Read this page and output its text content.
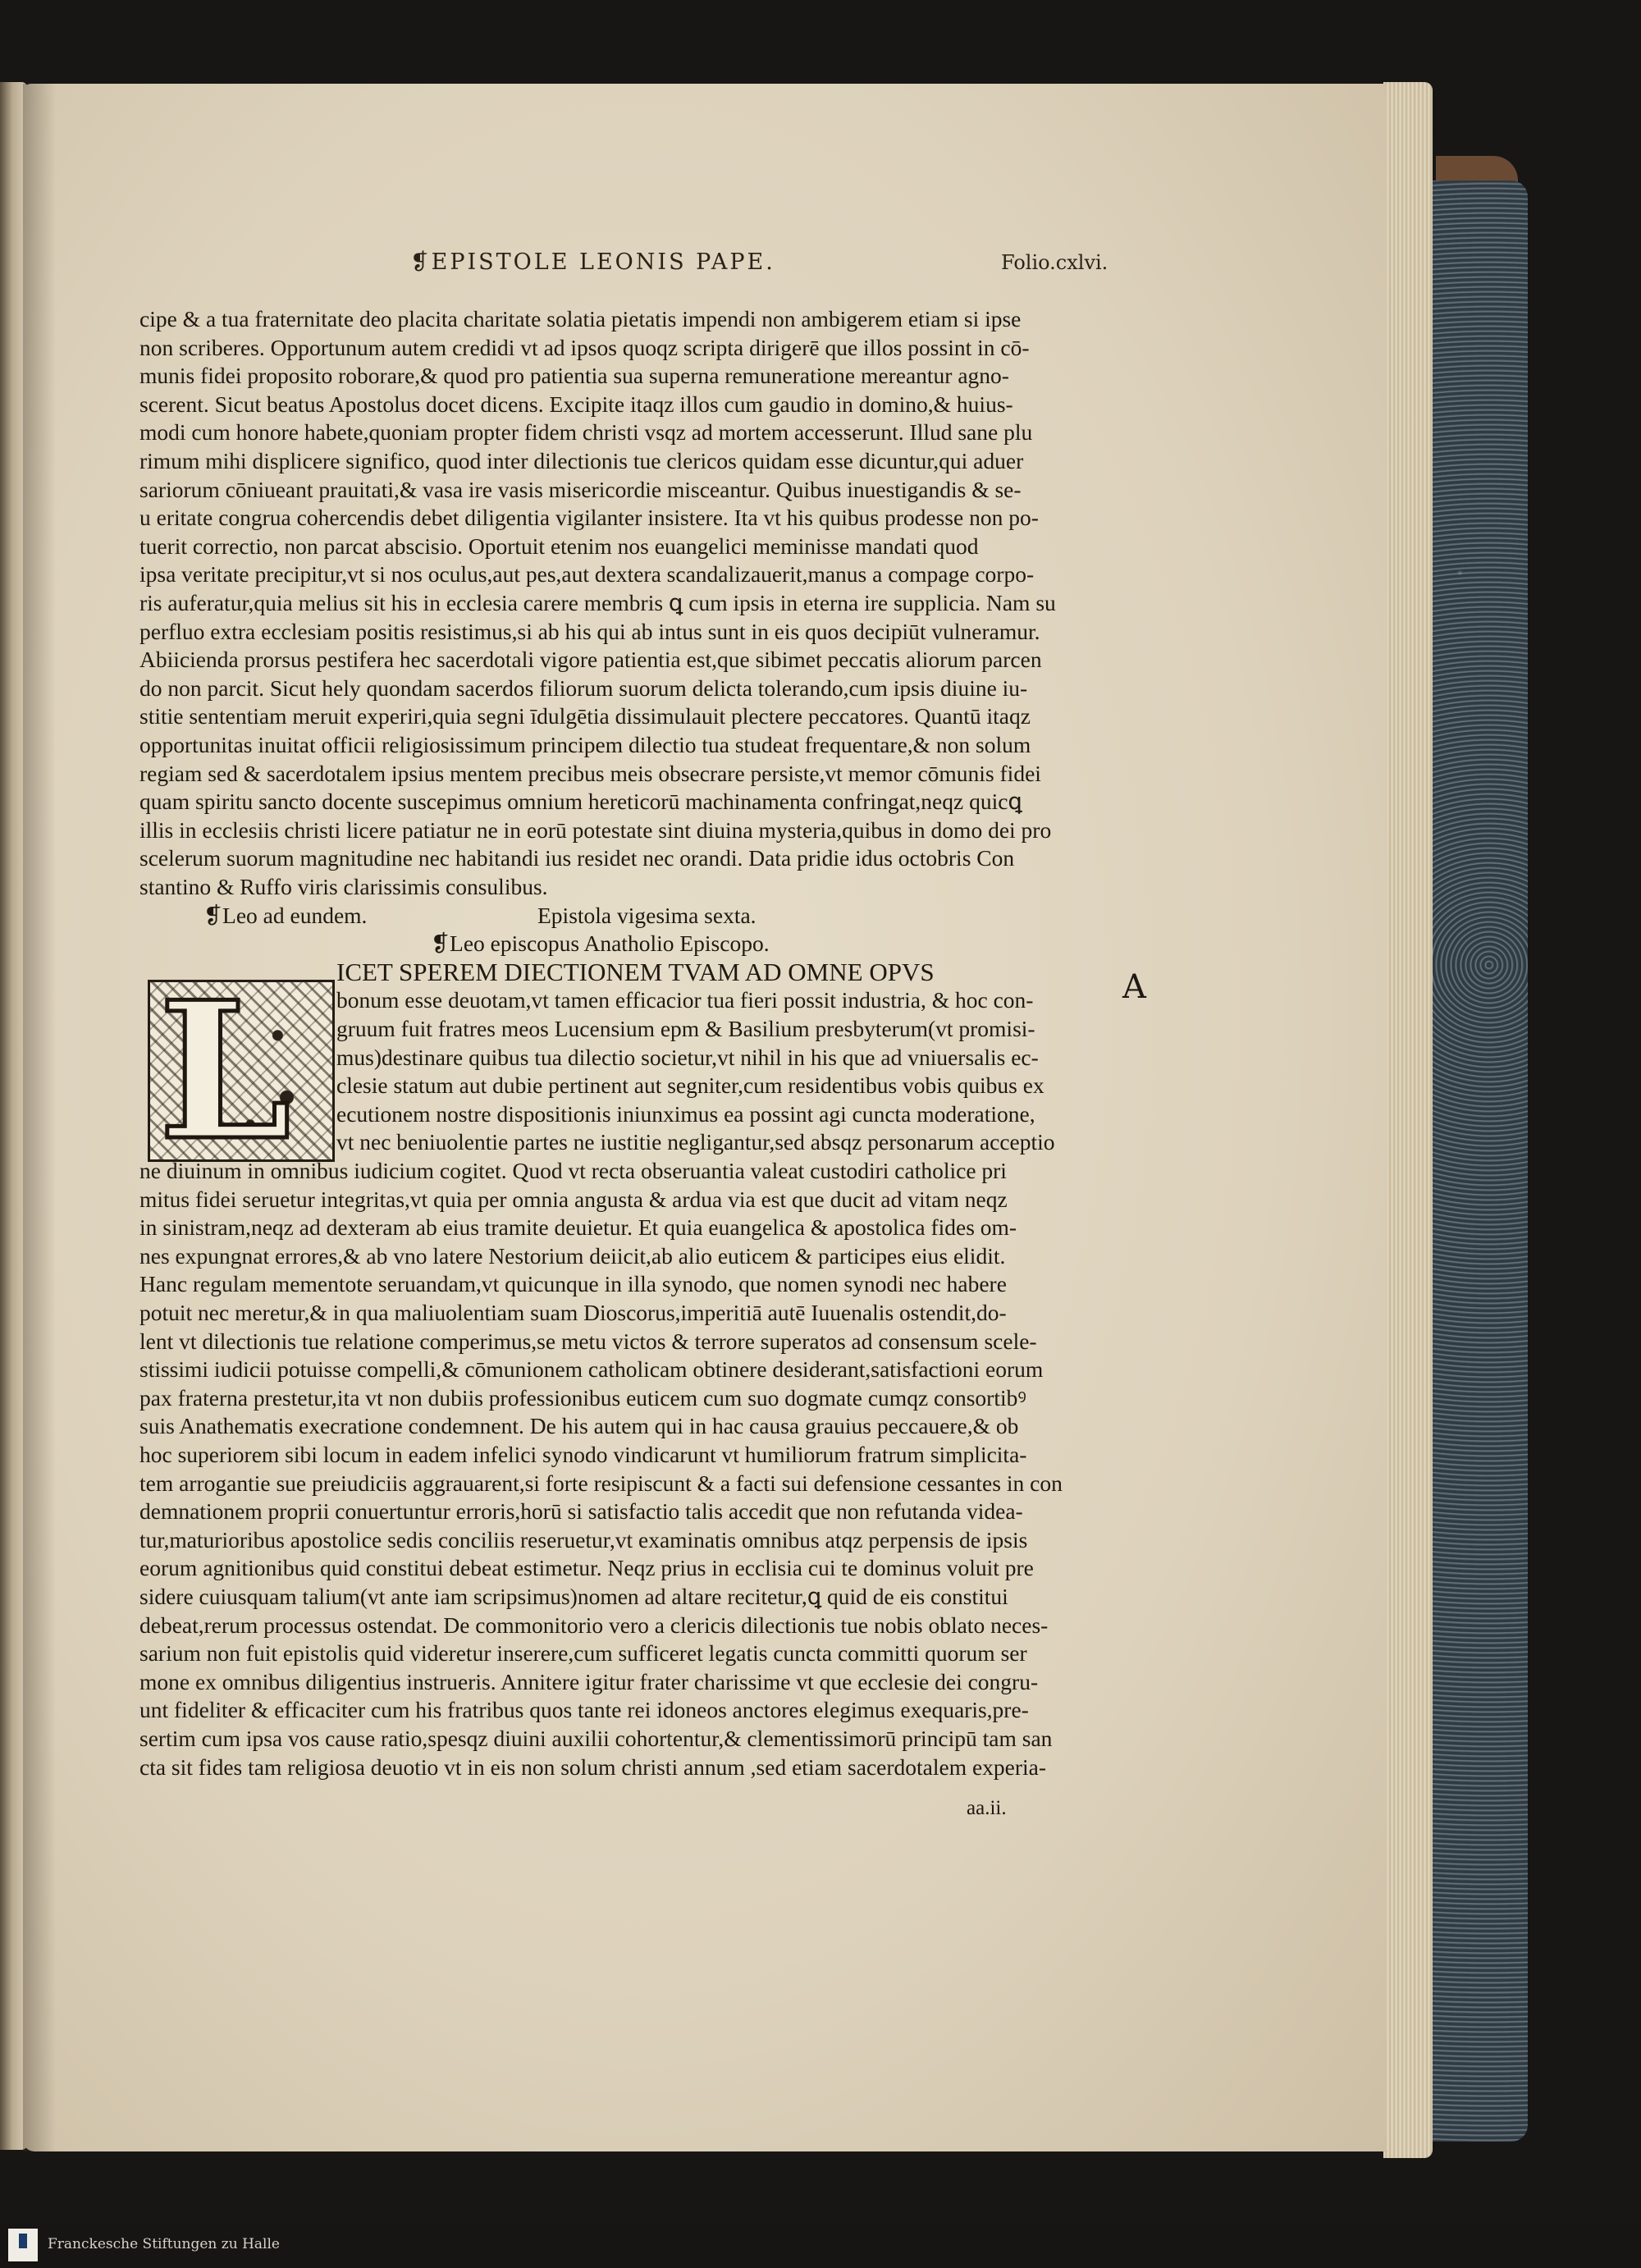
❡EPISTOLE LEONIS PAPE.	Folio.cxlvi.
A
L
cipe & a tua fraternitate deo placita charitate solatia pietatis impendi non ambigerem etiam si ipse
non scriberes. Opportunum autem credidi vt ad ipsos quoqz scripta dirigerē que illos possint in cō-
munis fidei proposito roborare,& quod pro patientia sua superna remuneratione mereantur agno-
scerent. Sicut beatus Apostolus docet dicens. Excipite itaqz illos cum gaudio in domino,& huius-
modi cum honore habete,quoniam propter fidem christi vsqz ad mortem accesserunt. Illud sane plu
rimum mihi displicere significo, quod inter dilectionis tue clericos quidam esse dicuntur,qui aduer
sariorum cōniueant prauitati,& vasa ire vasis misericordie misceantur. Quibus inuestigandis & se-
u eritate congrua cohercendis debet diligentia vigilanter insistere. Ita vt his quibus prodesse non po-
tuerit correctio, non parcat abscisio. Oportuit etenim nos euangelici meminisse mandati quod
ipsa veritate precipitur,vt si nos oculus,aut pes,aut dextera scandalizauerit,manus a compage corpo-
ris auferatur,quia melius sit his in ecclesia carere membris ꝗ cum ipsis in eterna ire supplicia. Nam su
perfluo extra ecclesiam positis resistimus,si ab his qui ab intus sunt in eis quos decipiūt vulneramur.
Abiicienda prorsus pestifera hec sacerdotali vigore patientia est,que sibimet peccatis aliorum parcen
do non parcit. Sicut hely quondam sacerdos filiorum suorum delicta tolerando,cum ipsis diuine iu-
stitie sententiam meruit experiri,quia segni īdulgētia dissimulauit plectere peccatores. Quantū itaqz
opportunitas inuitat officii religiosissimum principem dilectio tua studeat frequentare,& non solum
regiam sed & sacerdotalem ipsius mentem precibus meis obsecrare persiste,vt memor cōmunis fidei
quam spiritu sancto docente suscepimus omnium hereticorū machinamenta confringat,neqz quicꝗ
illis in ecclesiis christi licere patiatur ne in eorū potestate sint diuina mysteria,quibus in domo dei pro
scelerum suorum magnitudine nec habitandi ius residet nec orandi. Data pridie idus octobris Con
stantino & Ruffo viris clarissimis consulibus.
❡Leo ad eundem.	Epistola vigesima sexta.
❡Leo episcopus Anatholio Episcopo.
ICET SPEREM DIECTIONEM TVAM AD OMNE OPVS
bonum esse deuotam,vt tamen efficacior tua fieri possit industria, & hoc con-
gruum fuit fratres meos Lucensium epm & Basilium presbyterum(vt promisi-
mus)destinare quibus tua dilectio societur,vt nihil in his que ad vniuersalis ec-
clesie statum aut dubie pertinent aut segniter,cum residentibus vobis quibus ex
ecutionem nostre dispositionis iniunximus ea possint agi cuncta moderatione,
vt nec beniuolentie partes ne iustitie negligantur,sed absqz personarum acceptio
ne diuinum in omnibus iudicium cogitet. Quod vt recta obseruantia valeat custodiri catholice pri
mitus fidei seruetur integritas,vt quia per omnia angusta & ardua via est que ducit ad vitam neqz
in sinistram,neqz ad dexteram ab eius tramite deuietur. Et quia euangelica & apostolica fides om-
nes expungnat errores,& ab vno latere Nestorium deiicit,ab alio euticem & participes eius elidit.
Hanc regulam mementote seruandam,vt quicunque in illa synodo, que nomen synodi nec habere
potuit nec meretur,& in qua maliuolentiam suam Dioscorus,imperitiā autē Iuuenalis ostendit,do-
lent vt dilectionis tue relatione comperimus,se metu victos & terrore superatos ad consensum scele-
stissimi iudicii potuisse compelli,& cōmunionem catholicam obtinere desiderant,satisfactioni eorum
pax fraterna prestetur,ita vt non dubiis professionibus euticem cum suo dogmate cumqz consortibꝰ
suis Anathematis execratione condemnent. De his autem qui in hac causa grauius peccauere,& ob
hoc superiorem sibi locum in eadem infelici synodo vindicarunt vt humiliorum fratrum simplicita-
tem arrogantie sue preiudiciis aggrauarent,si forte resipiscunt & a facti sui defensione cessantes in con
demnationem proprii conuertuntur erroris,horū si satisfactio talis accedit que non refutanda videa-
tur,maturioribus apostolice sedis conciliis reseruetur,vt examinatis omnibus atqz perpensis de ipsis
eorum agnitionibus quid constitui debeat estimetur. Neqz prius in ecclisia cui te dominus voluit pre
sidere cuiusquam talium(vt ante iam scripsimus)nomen ad altare recitetur,ꝗ quid de eis constitui
debeat,rerum processus ostendat. De commonitorio vero a clericis dilectionis tue nobis oblato neces-
sarium non fuit epistolis quid videretur inserere,cum sufficeret legatis cuncta committi quorum ser
mone ex omnibus diligentius instrueris. Annitere igitur frater charissime vt que ecclesie dei congru-
unt fideliter & efficaciter cum his fratribus quos tante rei idoneos anctores elegimus exequaris,pre-
sertim cum ipsa vos cause ratio,spesqz diuini auxilii cohortentur,& clementissimorū principū tam san
cta sit fides tam religiosa deuotio vt in eis non solum christi annum ,sed etiam sacerdotalem experia-
aa.ii.
Franckesche Stiftungen zu Halle
